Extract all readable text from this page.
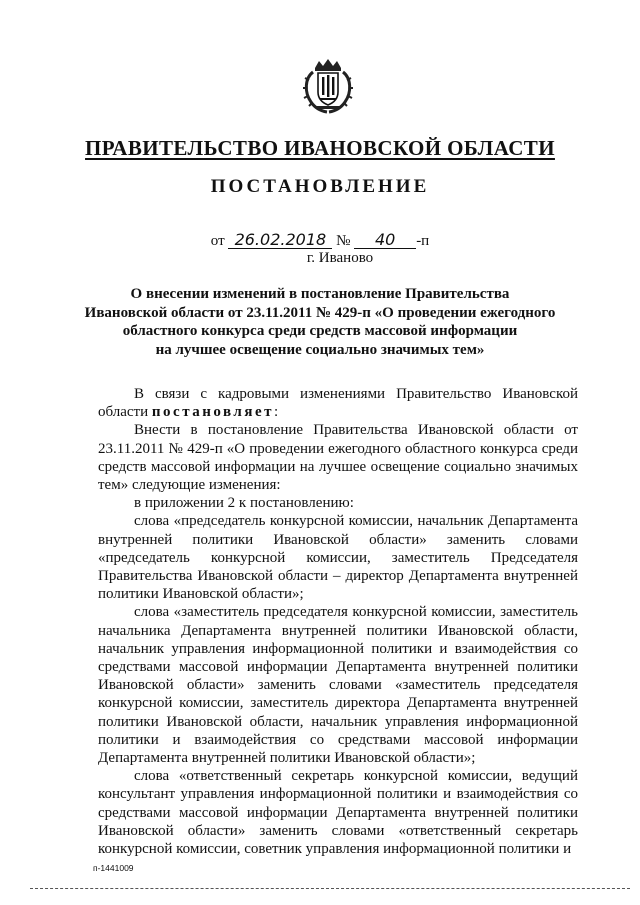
ПРАВИТЕЛЬСТВО ИВАНОВСКОЙ ОБЛАСТИ
ПОСТАНОВЛЕНИЕ
от 26.02.2018 № 40 -п
г. Иваново
О внесении изменений в постановление Правительства
Ивановской области от 23.11.2011 № 429-п «О проведении ежегодного
областного конкурса среди средств массовой информации
на лучшее освещение социально значимых тем»

В связи с кадровыми изменениями Правительство Ивановской области постановляет:

Внести в постановление Правительства Ивановской области от 23.11.2011 № 429-п «О проведении ежегодного областного конкурса среди средств массовой информации на лучшее освещение социально значимых тем» следующие изменения:

в приложении 2 к постановлению:

слова «председатель конкурсной комиссии, начальник Департамента внутренней политики Ивановской области» заменить словами «председатель конкурсной комиссии, заместитель Председателя Правительства Ивановской области – директор Департамента внутренней политики Ивановской области»;

слова «заместитель председателя конкурсной комиссии, заместитель начальника Департамента внутренней политики Ивановской области, начальник управления информационной политики и взаимодействия со средствами массовой информации Департамента внутренней политики Ивановской области» заменить словами «заместитель председателя конкурсной комиссии, заместитель директора Департамента внутренней политики Ивановской области, начальник управления информационной политики и взаимодействия со средствами массовой информации Департамента внутренней политики Ивановской области»;

слова «ответственный секретарь конкурсной комиссии, ведущий консультант управления информационной политики и взаимодействия со средствами массовой информации Департамента внутренней политики Ивановской области» заменить словами «ответственный секретарь конкурсной комиссии, советник управления информационной политики и

п-1441009
